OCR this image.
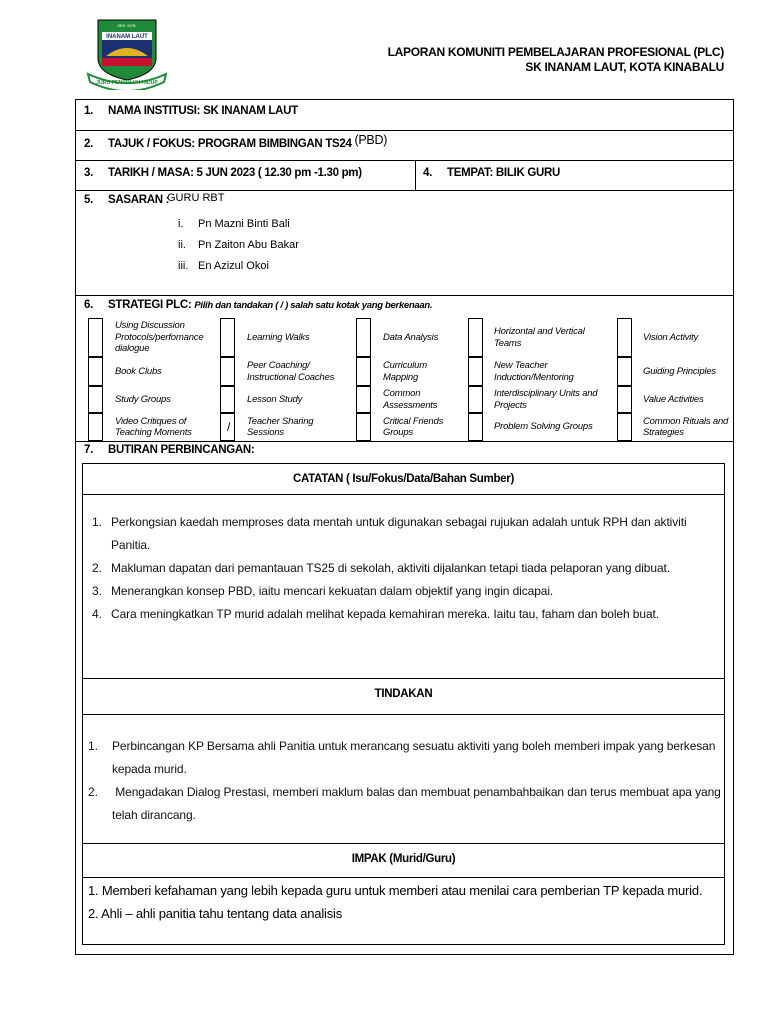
SEK. KEB.
INANAM LAUT
JURU PENYULUH HIDUP
LAPORAN KOMUNITI PEMBELAJARAN PROFESIONAL (PLC)
SK INANAM LAUT, KOTA KINABALU
1. NAMA INSTITUSI: SK INANAM LAUT
2. TAJUK / FOKUS: PROGRAM BIMBINGAN TS24 (PBD)
3. TARIKH / MASA: 5 JUN 2023 ( 12.30 pm -1.30 pm)	4. TEMPAT: BILIK GURU
5. SASARAN :
GURU RBT
i. Pn Mazni Binti Bali
ii. Pn Zaiton Abu Bakar
iii. En Azizul Okoi
6. STRATEGI PLC: Pilih dan tandakan ( / ) salah satu kotak yang berkenaan.
Using Discussion Protocols/perfomance dialogue
Book Clubs
Study Groups
Video Critiques of Teaching Moments
Learning Walks
Peer Coaching/ Instructional Coaches
Lesson Study
Teacher Sharing Sessions
Data Analysis
Curriculum Mapping
Common Assessments
Critical Friends Groups
Horizontal and Vertical Teams
New Teacher Induction/Mentoring
Interdisciplinary Units and Projects
Problem Solving Groups
Vision Activity
Guiding Principles
Value Activities
Common Rituals and Strategies
/
7. BUTIRAN PERBINCANGAN:
CATATAN ( Isu/Fokus/Data/Bahan Sumber)
1. Perkongsian kaedah memproses data mentah untuk digunakan sebagai rujukan adalah untuk RPH dan aktiviti
Panitia.
2. Makluman dapatan dari pemantauan TS25 di sekolah, aktiviti dijalankan tetapi tiada pelaporan yang dibuat.
3. Menerangkan konsep PBD, iaitu mencari kekuatan dalam objektif yang ingin dicapai.
4. Cara meningkatkan TP murid adalah melihat kepada kemahiran mereka. Iaitu tau, faham dan boleh buat.
TINDAKAN
1. Perbincangan KP Bersama ahli Panitia untuk merancang sesuatu aktiviti yang boleh memberi impak yang berkesan
kepada murid.
2. Mengadakan Dialog Prestasi, memberi maklum balas dan membuat penambahbaikan dan terus membuat apa yang
telah dirancang.
IMPAK (Murid/Guru)
1. Memberi kefahaman yang lebih kepada guru untuk memberi atau menilai cara pemberian TP kepada murid.
2. Ahli – ahli panitia tahu tentang data analisis
